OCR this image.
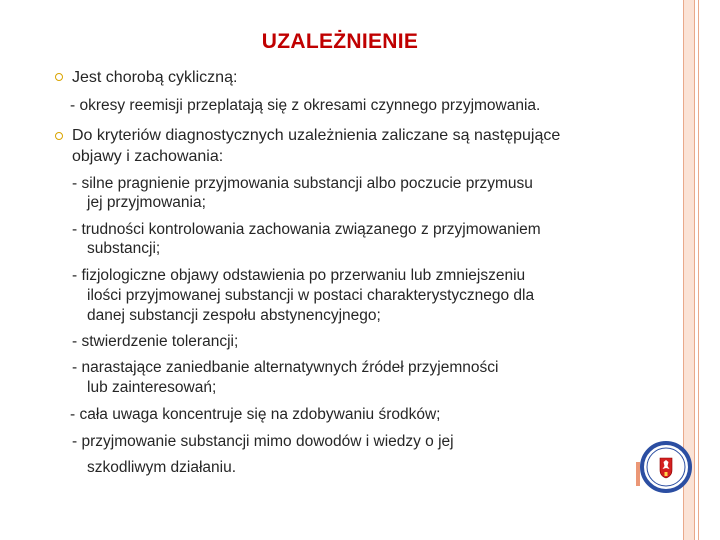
UZALEŻNIENIE
Jest chorobą cykliczną:
- okresy reemisji przeplatają się z okresami czynnego przyjmowania.
Do kryteriów diagnostycznych uzależnienia zaliczane są następujące
objawy i zachowania:
- silne pragnienie przyjmowania substancji albo poczucie przymusu
jej przyjmowania;
- trudności kontrolowania zachowania związanego z przyjmowaniem
substancji;
- fizjologiczne objawy odstawienia po przerwaniu lub zmniejszeniu
ilości przyjmowanej substancji w postaci charakterystycznego dla
danej substancji zespołu abstynencyjnego;
- stwierdzenie tolerancji;
- narastające zaniedbanie alternatywnych źródeł przyjemności
lub zainteresowań;
- cała uwaga koncentruje się na zdobywaniu środków;
- przyjmowanie substancji mimo dowodów i wiedzy o jej
szkodliwym działaniu.
